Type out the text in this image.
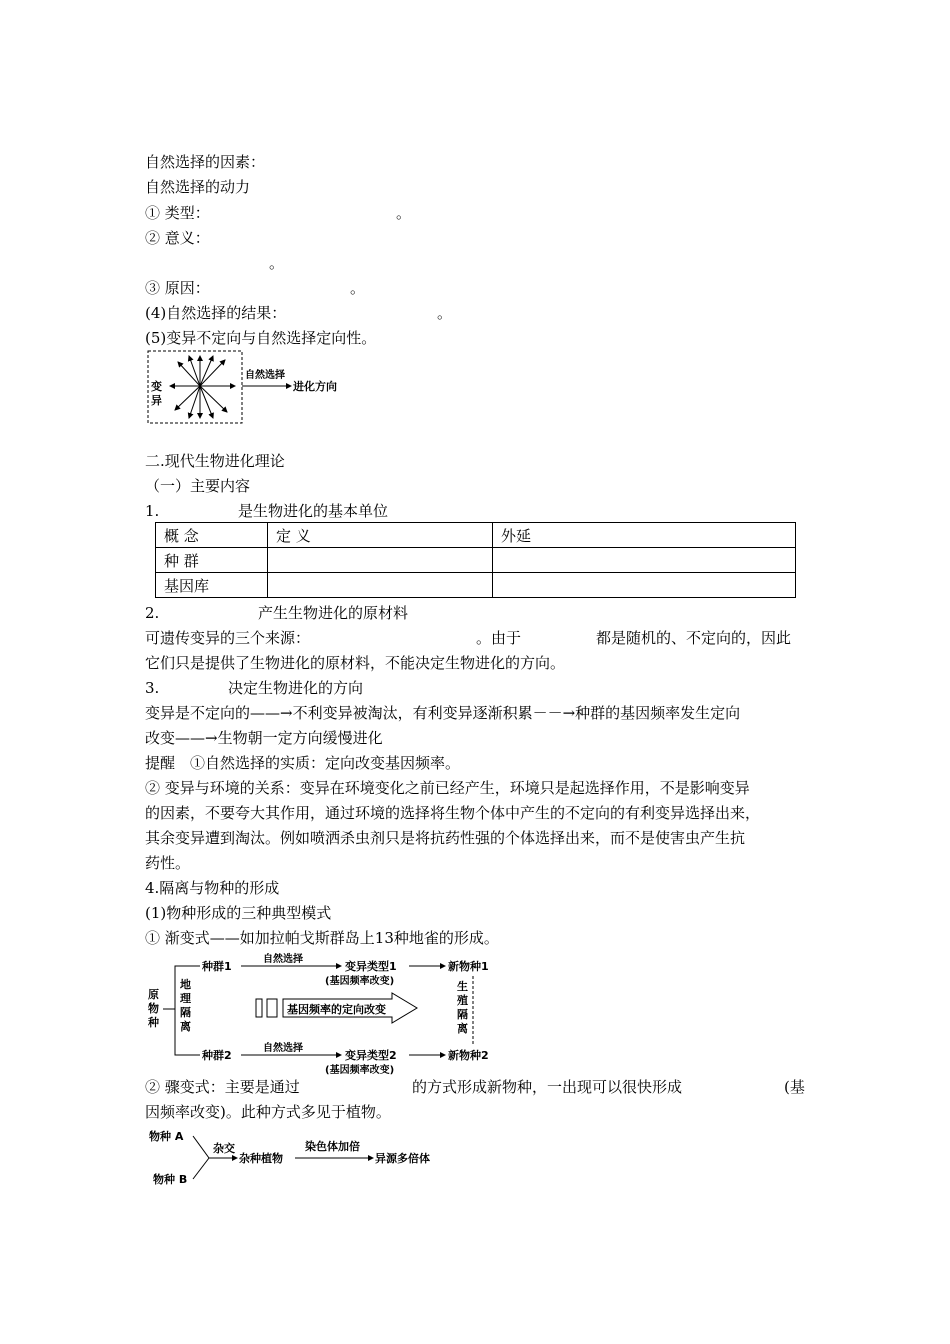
自然选择的因素：
自然选择的动力
① 类型：	。
② 意义：
。
③ 原因：	。
(4)自然选择的结果：	。
(5)变异不定向与自然选择定向性。
变
异
自然选择
进化方向
二.现代生物进化理论
（一）主要内容
1.	是生物进化的基本单位
概 念	定 义	外延
种 群		
基因库		
2.	产生生物进化的原材料
可遗传变异的三个来源：	。由于	都是随机的、不定向的，因此
它们只是提供了生物进化的原材料，不能决定生物进化的方向。
3.	决定生物进化的方向
变异是不定向的——→不利变异被淘汰，有利变异逐渐积累－－→种群的基因频率发生定向
改变——→生物朝一定方向缓慢进化
提醒　①自然选择的实质：定向改变基因频率。
② 变异与环境的关系：变异在环境变化之前已经产生，环境只是起选择作用，不是影响变异
的因素，不要夸大其作用，通过环境的选择将生物个体中产生的不定向的有利变异选择出来，
其余变异遭到淘汰。例如喷洒杀虫剂只是将抗药性强的个体选择出来，而不是使害虫产生抗
药性。
4.隔离与物种的形成
(1)物种形成的三种典型模式
① 渐变式——如加拉帕戈斯群岛上13种地雀的形成。
原
物
种
地
理
隔
离
种群1
种群2
自然选择
自然选择
变异类型1
(基因频率改变)
变异类型2
(基因频率改变)
新物种1
新物种2
基因频率的定向改变
生
殖
隔
离
② 骤变式：主要是通过	的方式形成新物种，一出现可以很快形成	(基
因频率改变)。此种方式多见于植物。
物种 A
物种 B
杂交
杂种植物
染色体加倍
异源多倍体
